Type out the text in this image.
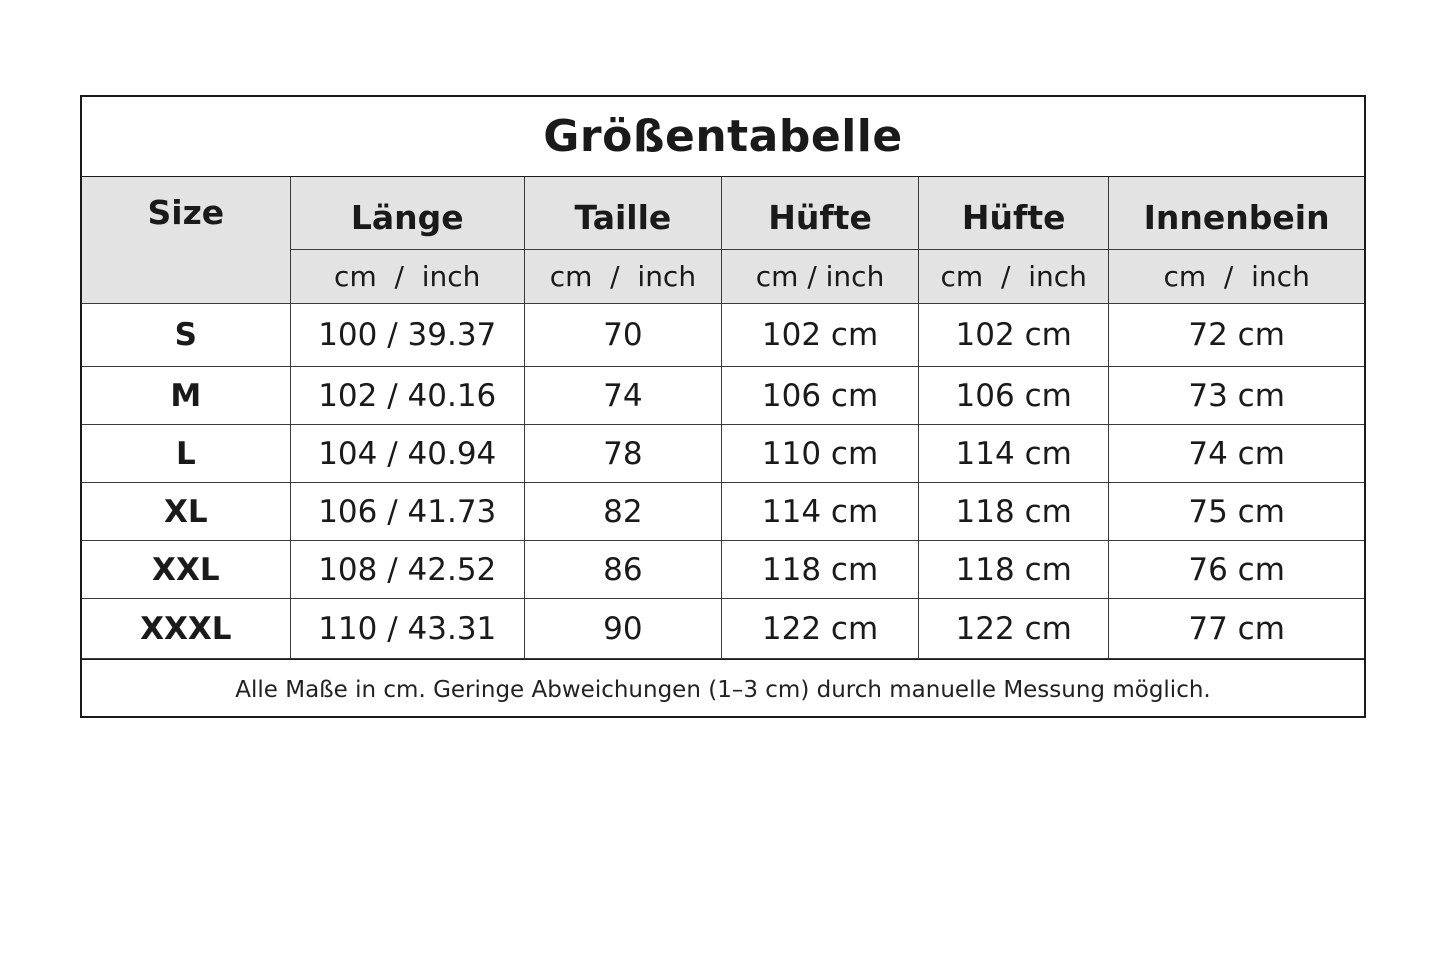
Größentabelle
Size	Länge	Taille	Hüfte	Hüfte	Innenbein
	cm  /  inch	cm  /  inch	cm / inch	cm  /  inch	cm  /  inch
S	100 / 39.37	70	102 cm	102 cm	72 cm
M	102 / 40.16	74	106 cm	106 cm	73 cm
L	104 / 40.94	78	110 cm	114 cm	74 cm
XL	106 / 41.73	82	114 cm	118 cm	75 cm
XXL	108 / 42.52	86	118 cm	118 cm	76 cm
XXXL	110 / 43.31	90	122 cm	122 cm	77 cm
Alle Maße in cm. Geringe Abweichungen (1–3 cm) durch manuelle Messung möglich.
